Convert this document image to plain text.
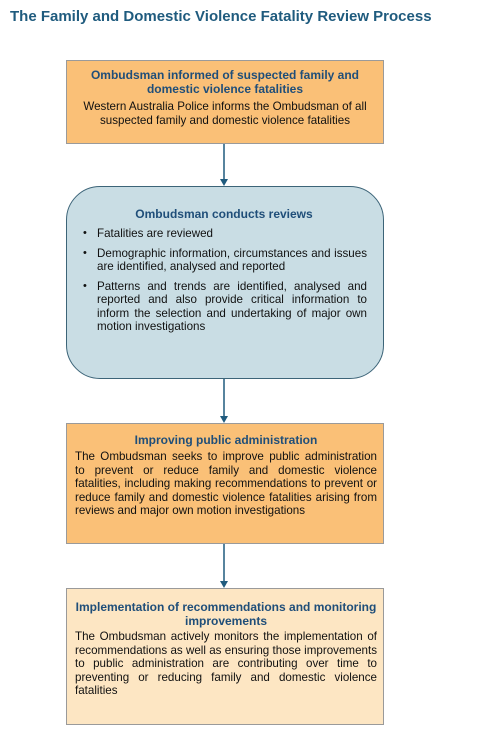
The Family and Domestic Violence Fatality Review Process

Ombudsman informed of suspected family and domestic violence fatalities

Western Australia Police informs the Ombudsman of all suspected family and domestic violence fatalities

Ombudsman conducts reviews

• Fatalities are reviewed
• Demographic information, circumstances and issues are identified, analysed and reported
• Patterns and trends are identified, analysed and reported and also provide critical information to inform the selection and undertaking of major own motion investigations

Improving public administration

The Ombudsman seeks to improve public administration to prevent or reduce family and domestic violence fatalities, including making recommendations to prevent or reduce family and domestic violence fatalities arising from reviews and major own motion investigations

Implementation of recommendations and monitoring improvements

The Ombudsman actively monitors the implementation of recommendations as well as ensuring those improvements to public administration are contributing over time to preventing or reducing family and domestic violence fatalities
